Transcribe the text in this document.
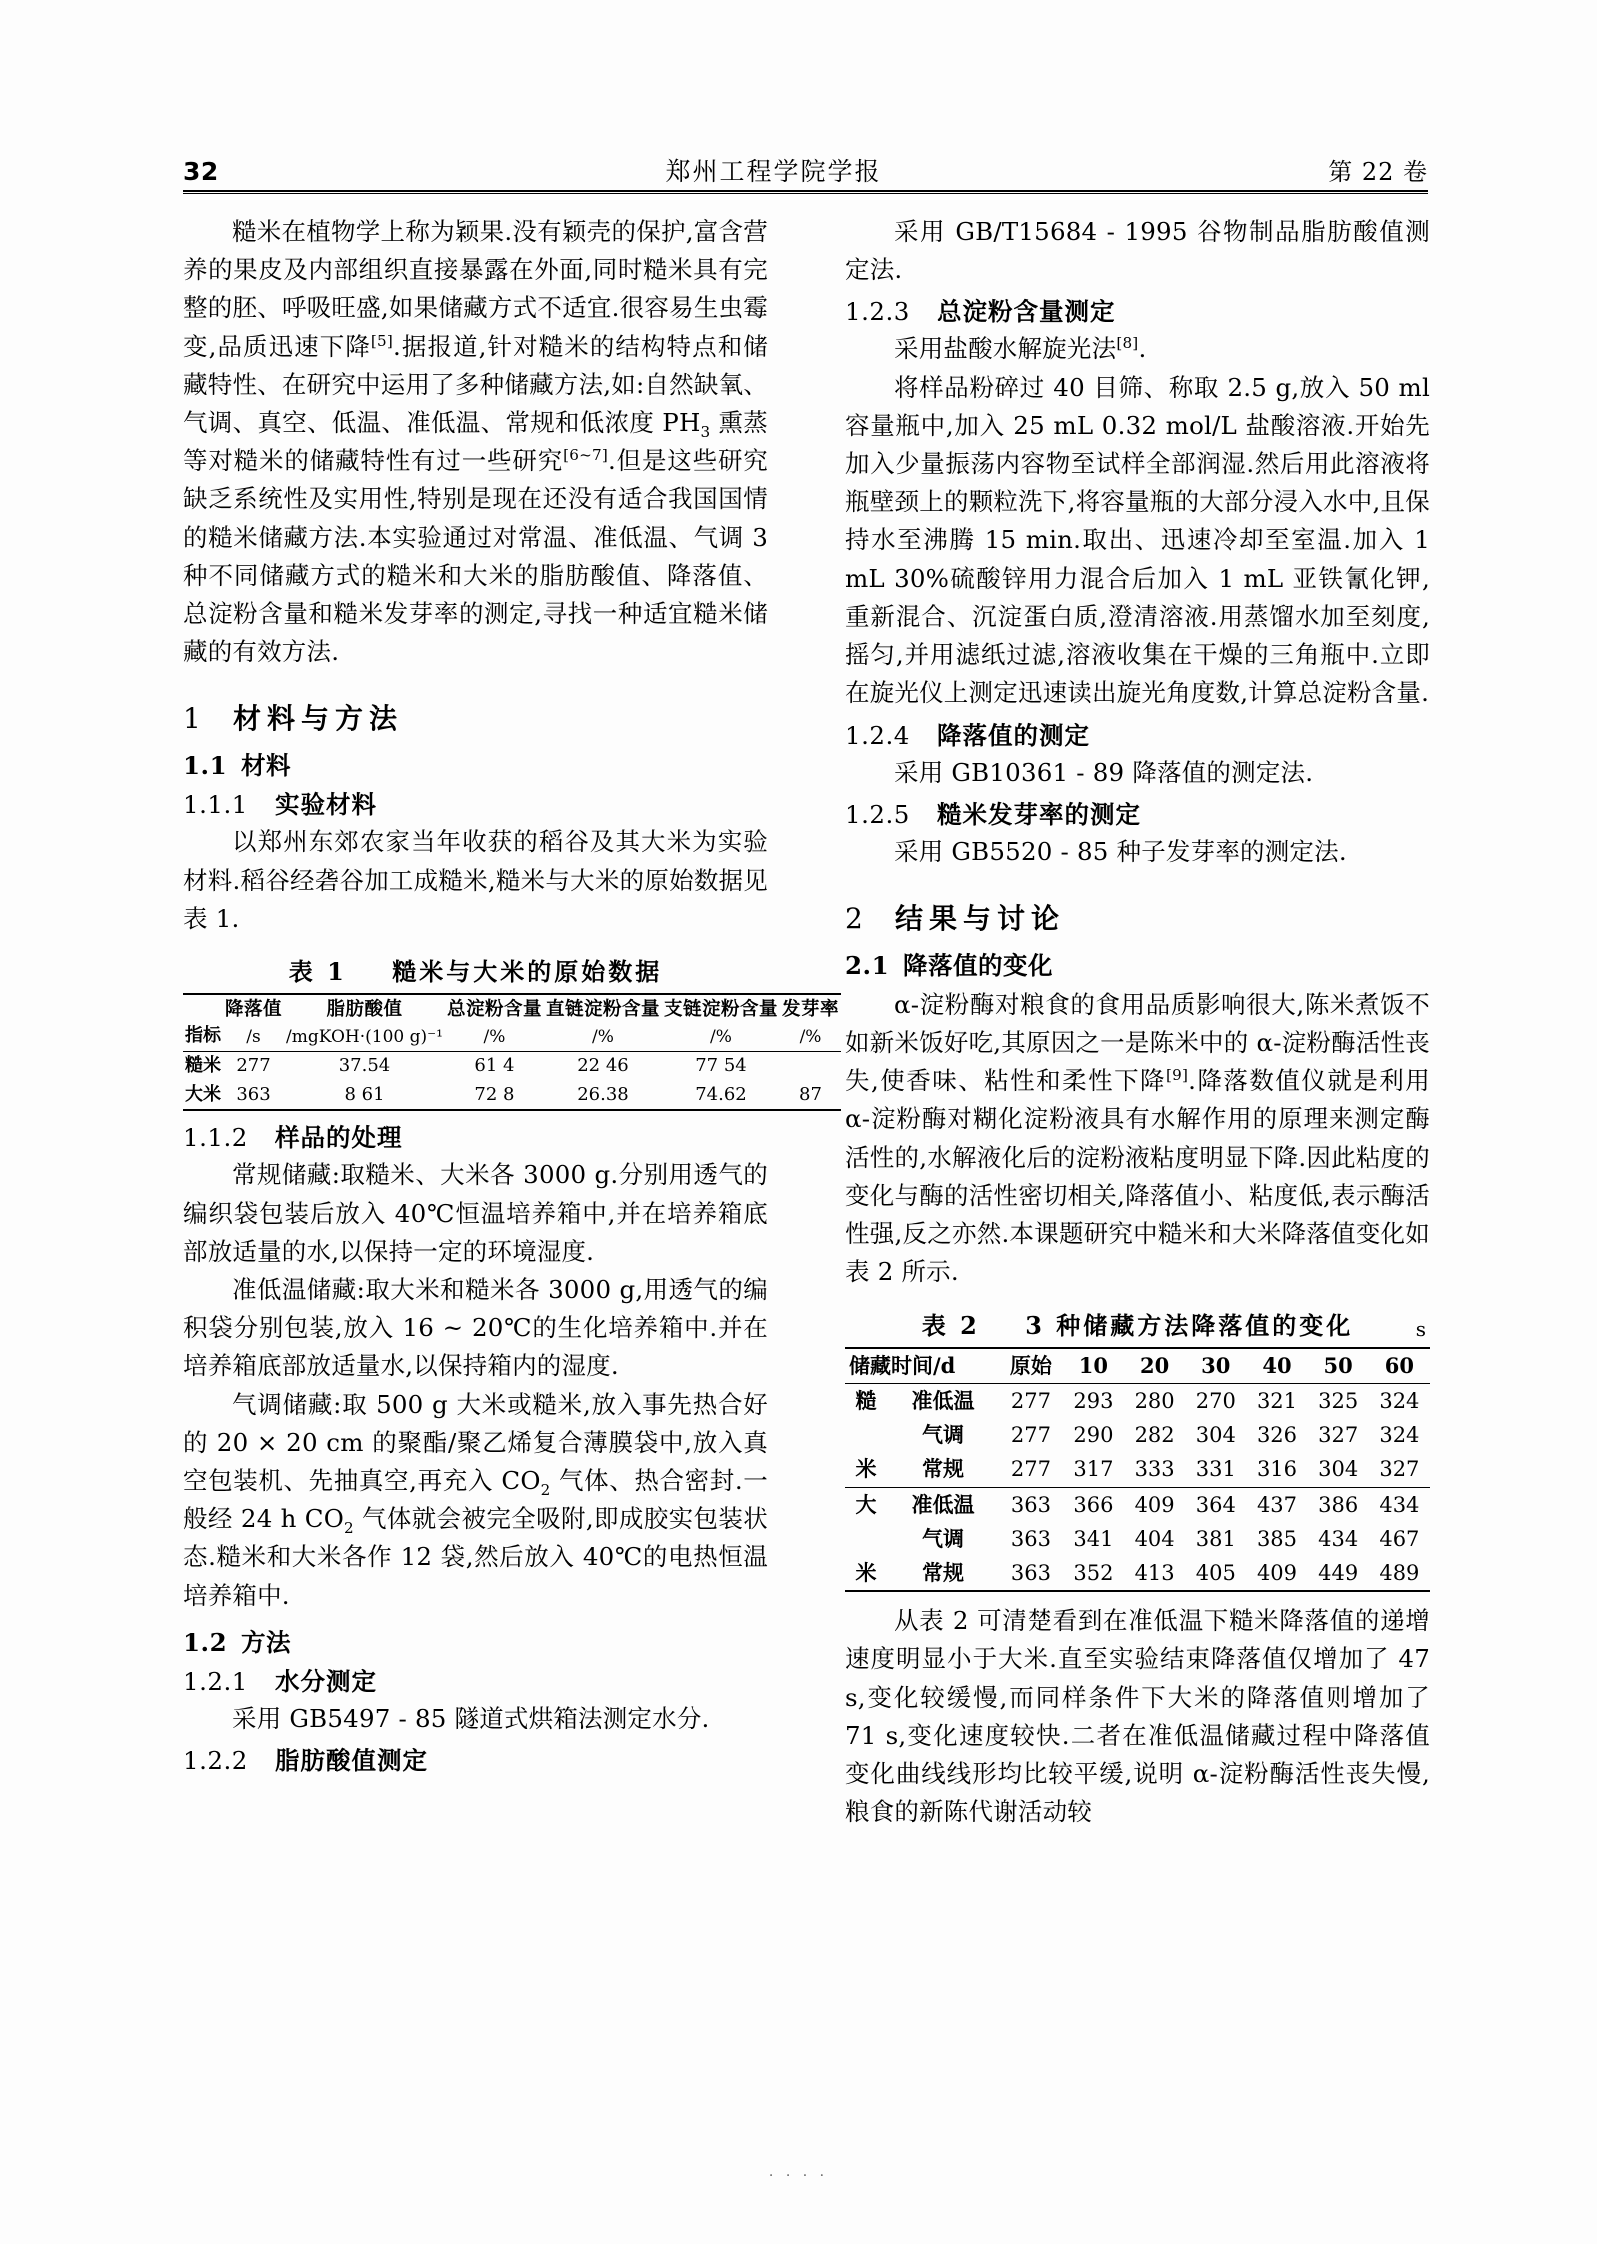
32	郑州工程学院学报	第 22 卷

糙米在植物学上称为颖果.没有颖壳的保护,富含营养的果皮及内部组织直接暴露在外面,同时糙米具有完整的胚、呼吸旺盛,如果储藏方式不适宜.很容易生虫霉变,品质迅速下降[5].据报道,针对糙米的结构特点和储藏特性、在研究中运用了多种储藏方法,如:自然缺氧、气调、真空、低温、准低温、常规和低浓度 $PH_3$ 熏蒸等对糙米的储藏特性有过一些研究[6~7].但是这些研究缺乏系统性及实用性,特别是现在还没有适合我国国情的糙米储藏方法.本实验通过对常温、准低温、气调 3 种不同储藏方式的糙米和大米的脂肪酸值、降落值、总淀粉含量和糙米发芽率的测定,寻找一种适宜糙米储藏的有效方法.

1 材料与方法
1.1 材料
1.1.1 实验材料

以郑州东郊农家当年收获的稻谷及其大米为实验材料.稻谷经砻谷加工成糙米,糙米与大米的原始数据见表 1.

表 1 糙米与大米的原始数据
指标	降落值	脂肪酸值	总淀粉含量	直链淀粉含量	支链淀粉含量	发芽率
	/s	/mgKOH·(100 g)⁻¹	/%	/%	/%	/%
糙米	277	37.54	61 4	22 46	77 54	
大米	363	8 61	72 8	26.38	74.62	87
1.1.2 样品的处理

常规储藏:取糙米、大米各 3000 g.分别用透气的编织袋包装后放入 40℃恒温培养箱中,并在培养箱底部放适量的水,以保持一定的环境湿度.

准低温储藏:取大米和糙米各 3000 g,用透气的编积袋分别包装,放入 16 ~ 20℃的生化培养箱中.并在培养箱底部放适量水,以保持箱内的湿度.

气调储藏:取 500 g 大米或糙米,放入事先热合好的 20 × 20 cm 的聚酯/聚乙烯复合薄膜袋中,放入真空包装机、先抽真空,再充入 $CO_2$ 气体、热合密封.一般经 24 h $CO_2$ 气体就会被完全吸附,即成胶实包装状态.糙米和大米各作 12 袋,然后放入 40℃的电热恒温培养箱中.

1.2 方法
1.2.1 水分测定

采用 GB5497 - 85 隧道式烘箱法测定水分.

1.2.2 脂肪酸值测定

采用 GB/T15684 - 1995 谷物制品脂肪酸值测定法.

1.2.3 总淀粉含量测定

采用盐酸水解旋光法[8].

将样品粉碎过 40 目筛、称取 2.5 g,放入 50 ml 容量瓶中,加入 25 mL 0.32 mol/L 盐酸溶液.开始先加入少量振荡内容物至试样全部润湿.然后用此溶液将瓶壁颈上的颗粒洗下,将容量瓶的大部分浸入水中,且保持水至沸腾 15 min.取出、迅速冷却至室温.加入 1 mL 30%硫酸锌用力混合后加入 1 mL 亚铁氰化钾,重新混合、沉淀蛋白质,澄清溶液.用蒸馏水加至刻度,摇匀,并用滤纸过滤,溶液收集在干燥的三角瓶中.立即在旋光仪上测定迅速读出旋光角度数,计算总淀粉含量.

1.2.4 降落值的测定

采用 GB10361 - 89 降落值的测定法.

1.2.5 糙米发芽率的测定

采用 GB5520 - 85 种子发芽率的测定法.

2 结果与讨论
2.1 降落值的变化

α-淀粉酶对粮食的食用品质影响很大,陈米煮饭不如新米饭好吃,其原因之一是陈米中的 α-淀粉酶活性丧失,使香味、粘性和柔性下降[9].降落数值仪就是利用 α-淀粉酶对糊化淀粉液具有水解作用的原理来测定酶活性的,水解液化后的淀粉液粘度明显下降.因此粘度的变化与酶的活性密切相关,降落值小、粘度低,表示酶活性强,反之亦然.本课题研究中糙米和大米降落值变化如表 2 所示.

表 2 3 种储藏方法降落值的变化	s
储藏时间/d		原始	10	20	30	40	50	60
糙	准低温	277	293	280	270	321	325	324
	气调	277	290	282	304	326	327	324
米	常规	277	317	333	331	316	304	327
大	准低温	363	366	409	364	437	386	434
	气调	363	341	404	381	385	434	467
米	常规	363	352	413	405	409	449	489

从表 2 可清楚看到在准低温下糙米降落值的递增速度明显小于大米.直至实验结束降落值仅增加了 47 s,变化较缓慢,而同样条件下大米的降落值则增加了 71 s,变化速度较快.二者在准低温储藏过程中降落值变化曲线线形均比较平缓,说明 α-淀粉酶活性丧失慢,粮食的新陈代谢活动较

· · · ·
